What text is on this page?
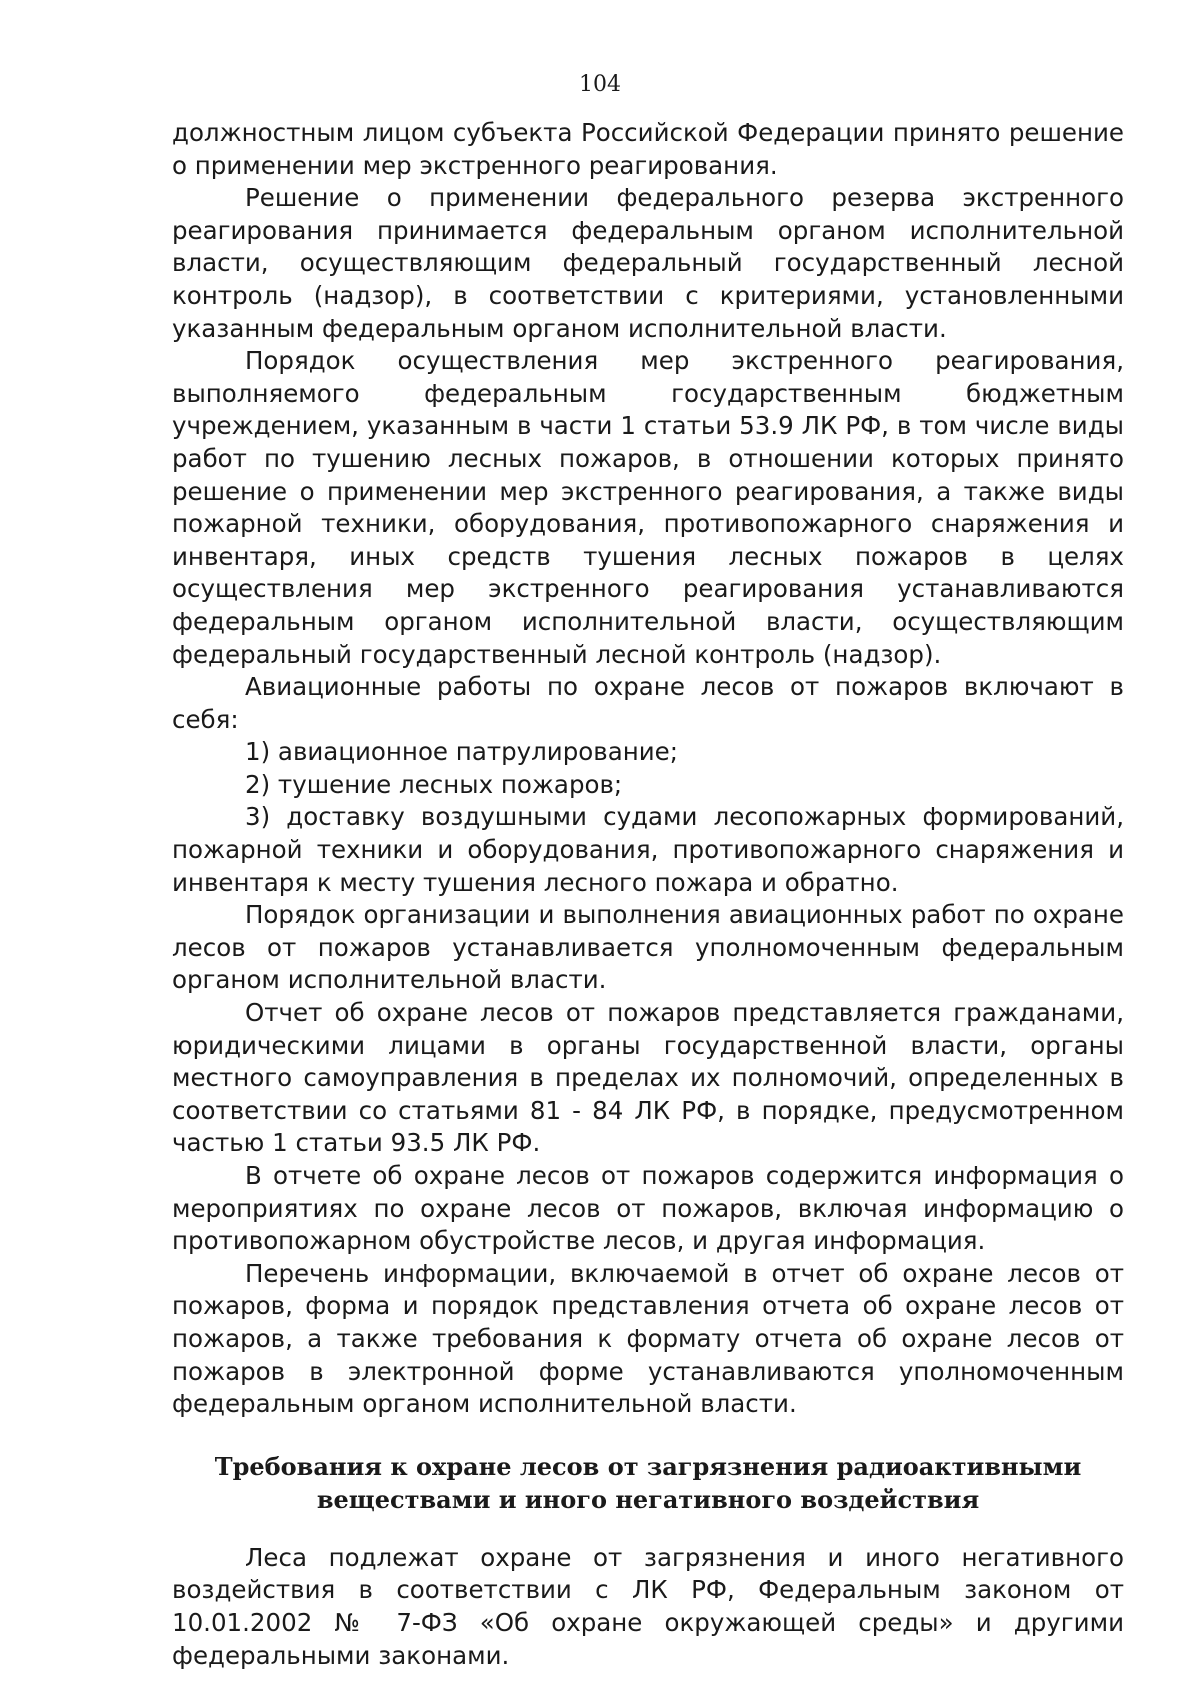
104

должностным лицом субъекта Российской Федерации принято решение о применении мер экстренного реагирования.

Решение о применении федерального резерва экстренного реагирования принимается федеральным органом исполнительной власти, осуществляющим федеральный государственный лесной контроль (надзор), в соответствии с критериями, установленными указанным федеральным органом исполнительной власти.

Порядок осуществления мер экстренного реагирования, выполняемого федеральным государственным бюджетным учреждением, указанным в части 1 статьи 53.9 ЛК РФ, в том числе виды работ по тушению лесных пожаров, в отношении которых принято решение о применении мер экстренного реагирования, а также виды пожарной техники, оборудования, противопожарного снаряжения и инвентаря, иных средств тушения лесных пожаров в целях осуществления мер экстренного реагирования устанавливаются федеральным органом исполнительной власти, осуществляющим федеральный государственный лесной контроль (надзор).

Авиационные работы по охране лесов от пожаров включают в себя:

1) авиационное патрулирование;

2) тушение лесных пожаров;

3) доставку воздушными судами лесопожарных формирований, пожарной техники и оборудования, противопожарного снаряжения и инвентаря к месту тушения лесного пожара и обратно.

Порядок организации и выполнения авиационных работ по охране лесов от пожаров устанавливается уполномоченным федеральным органом исполнительной власти.

Отчет об охране лесов от пожаров представляется гражданами, юридическими лицами в органы государственной власти, органы местного самоуправления в пределах их полномочий, определенных в соответствии со статьями 81 - 84 ЛК РФ, в порядке, предусмотренном частью 1 статьи 93.5 ЛК РФ.

В отчете об охране лесов от пожаров содержится информация о мероприятиях по охране лесов от пожаров, включая информацию о противопожарном обустройстве лесов, и другая информация.

Перечень информации, включаемой в отчет об охране лесов от пожаров, форма и порядок представления отчета об охране лесов от пожаров, а также требования к формату отчета об охране лесов от пожаров в электронной форме устанавливаются уполномоченным федеральным органом исполнительной власти.

Требования к охране лесов от загрязнения радиоактивными
веществами и иного негативного воздействия

Леса подлежат охране от загрязнения и иного негативного воздействия в соответствии с ЛК РФ, Федеральным законом от 10.01.2002 № 7-ФЗ «Об охране окружающей среды» и другими федеральными законами.
